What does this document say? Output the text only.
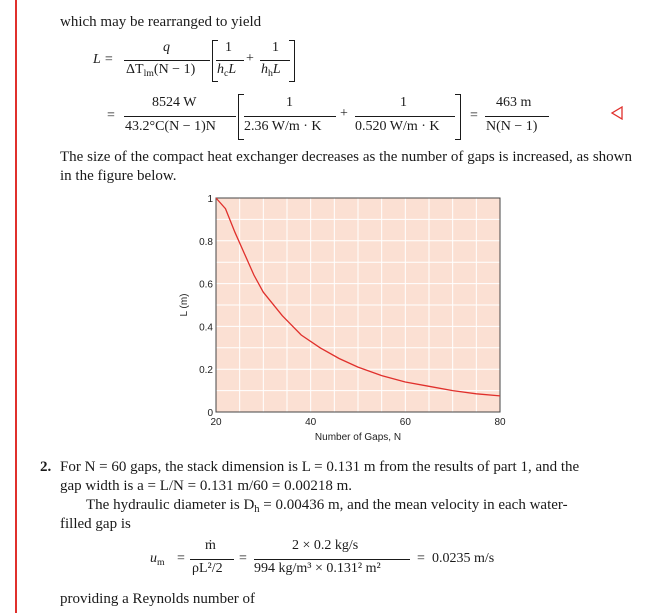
which may be rearranged to yield
L =
q
$\Delta T_{lm}(N - 1)$
1
$h_cL$
+
1
$h_hL$
=
8524 W
43.2°C(N − 1)N
1
2.36 W/m · K
+
1
0.520 W/m · K
=
463 m
N(N − 1)
The size of the compact heat exchanger decreases as the number of gaps is increased, as shown in the figure below.
0
0.2
0.4
0.6
0.8
1
20	40	60	80
Number of Gaps, N
L (m)
2. For N = 60 gaps, the stack dimension is L = 0.131 m from the results of part 1, and the
gap width is a = L/N = 0.131 m/60 = 0.00218 m.
The hydraulic diameter is $D_h = 0.00436$ m, and the mean velocity in each water-
filled gap is
$u_m$ =
ṁ
ρL²/2
=
2 × 0.2 kg/s
994 kg/m³ × 0.131² m²
= 0.0235 m/s
providing a Reynolds number of
